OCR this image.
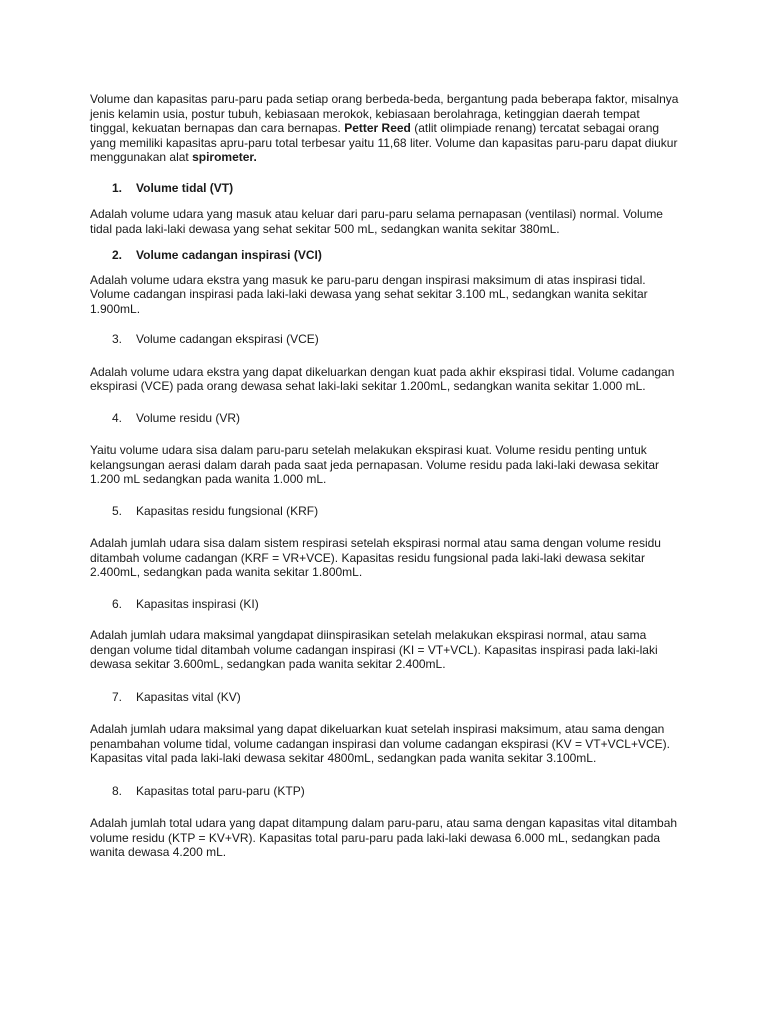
Volume dan kapasitas paru-paru pada setiap orang berbeda-beda, bergantung pada beberapa faktor, misalnya jenis kelamin usia, postur tubuh, kebiasaan merokok, kebiasaan berolahraga, ketinggian daerah tempat tinggal, kekuatan bernapas dan cara bernapas. Petter Reed (atlit olimpiade renang) tercatat sebagai orang yang memiliki kapasitas apru-paru total terbesar yaitu 11,68 liter. Volume dan kapasitas paru-paru dapat diukur menggunakan alat spirometer.

1.	Volume tidal (VT)

Adalah volume udara yang masuk atau keluar dari paru-paru selama pernapasan (ventilasi) normal. Volume tidal pada laki-laki dewasa yang sehat sekitar 500 mL, sedangkan wanita sekitar 380mL.

2.	Volume cadangan inspirasi (VCI)

Adalah volume udara ekstra yang masuk ke paru-paru dengan inspirasi maksimum di atas inspirasi tidal. Volume cadangan inspirasi pada laki-laki dewasa yang sehat sekitar 3.100 mL, sedangkan wanita sekitar 1.900mL.

3.	Volume cadangan ekspirasi (VCE)

Adalah volume udara ekstra yang dapat dikeluarkan dengan kuat pada akhir ekspirasi tidal. Volume cadangan ekspirasi (VCE) pada orang dewasa sehat laki-laki sekitar 1.200mL, sedangkan wanita sekitar 1.000 mL.

4.	Volume residu (VR)

Yaitu volume udara sisa dalam paru-paru setelah melakukan ekspirasi kuat. Volume residu penting untuk kelangsungan aerasi dalam darah pada saat jeda pernapasan. Volume residu pada laki-laki dewasa sekitar 1.200 mL sedangkan pada wanita 1.000 mL.

5.	Kapasitas residu fungsional (KRF)

Adalah jumlah udara sisa dalam sistem respirasi setelah ekspirasi normal atau sama dengan volume residu ditambah volume cadangan (KRF = VR+VCE). Kapasitas residu fungsional pada laki-laki dewasa sekitar 2.400mL, sedangkan pada wanita sekitar 1.800mL.

6.	Kapasitas inspirasi (KI)

Adalah jumlah udara maksimal yangdapat diinspirasikan setelah melakukan ekspirasi normal, atau sama dengan volume tidal ditambah volume cadangan inspirasi (KI = VT+VCL). Kapasitas inspirasi pada laki-laki dewasa sekitar 3.600mL, sedangkan pada wanita sekitar 2.400mL.

7.	Kapasitas vital (KV)

Adalah jumlah udara maksimal yang dapat dikeluarkan kuat setelah inspirasi maksimum, atau sama dengan penambahan volume tidal, volume cadangan inspirasi dan volume cadangan ekspirasi (KV = VT+VCL+VCE). Kapasitas vital pada laki-laki dewasa sekitar 4800mL, sedangkan pada wanita sekitar 3.100mL.

8.	Kapasitas total paru-paru (KTP)

Adalah jumlah total udara yang dapat ditampung dalam paru-paru, atau sama dengan kapasitas vital ditambah volume residu (KTP = KV+VR). Kapasitas total paru-paru pada laki-laki dewasa 6.000 mL, sedangkan pada wanita dewasa 4.200 mL.
